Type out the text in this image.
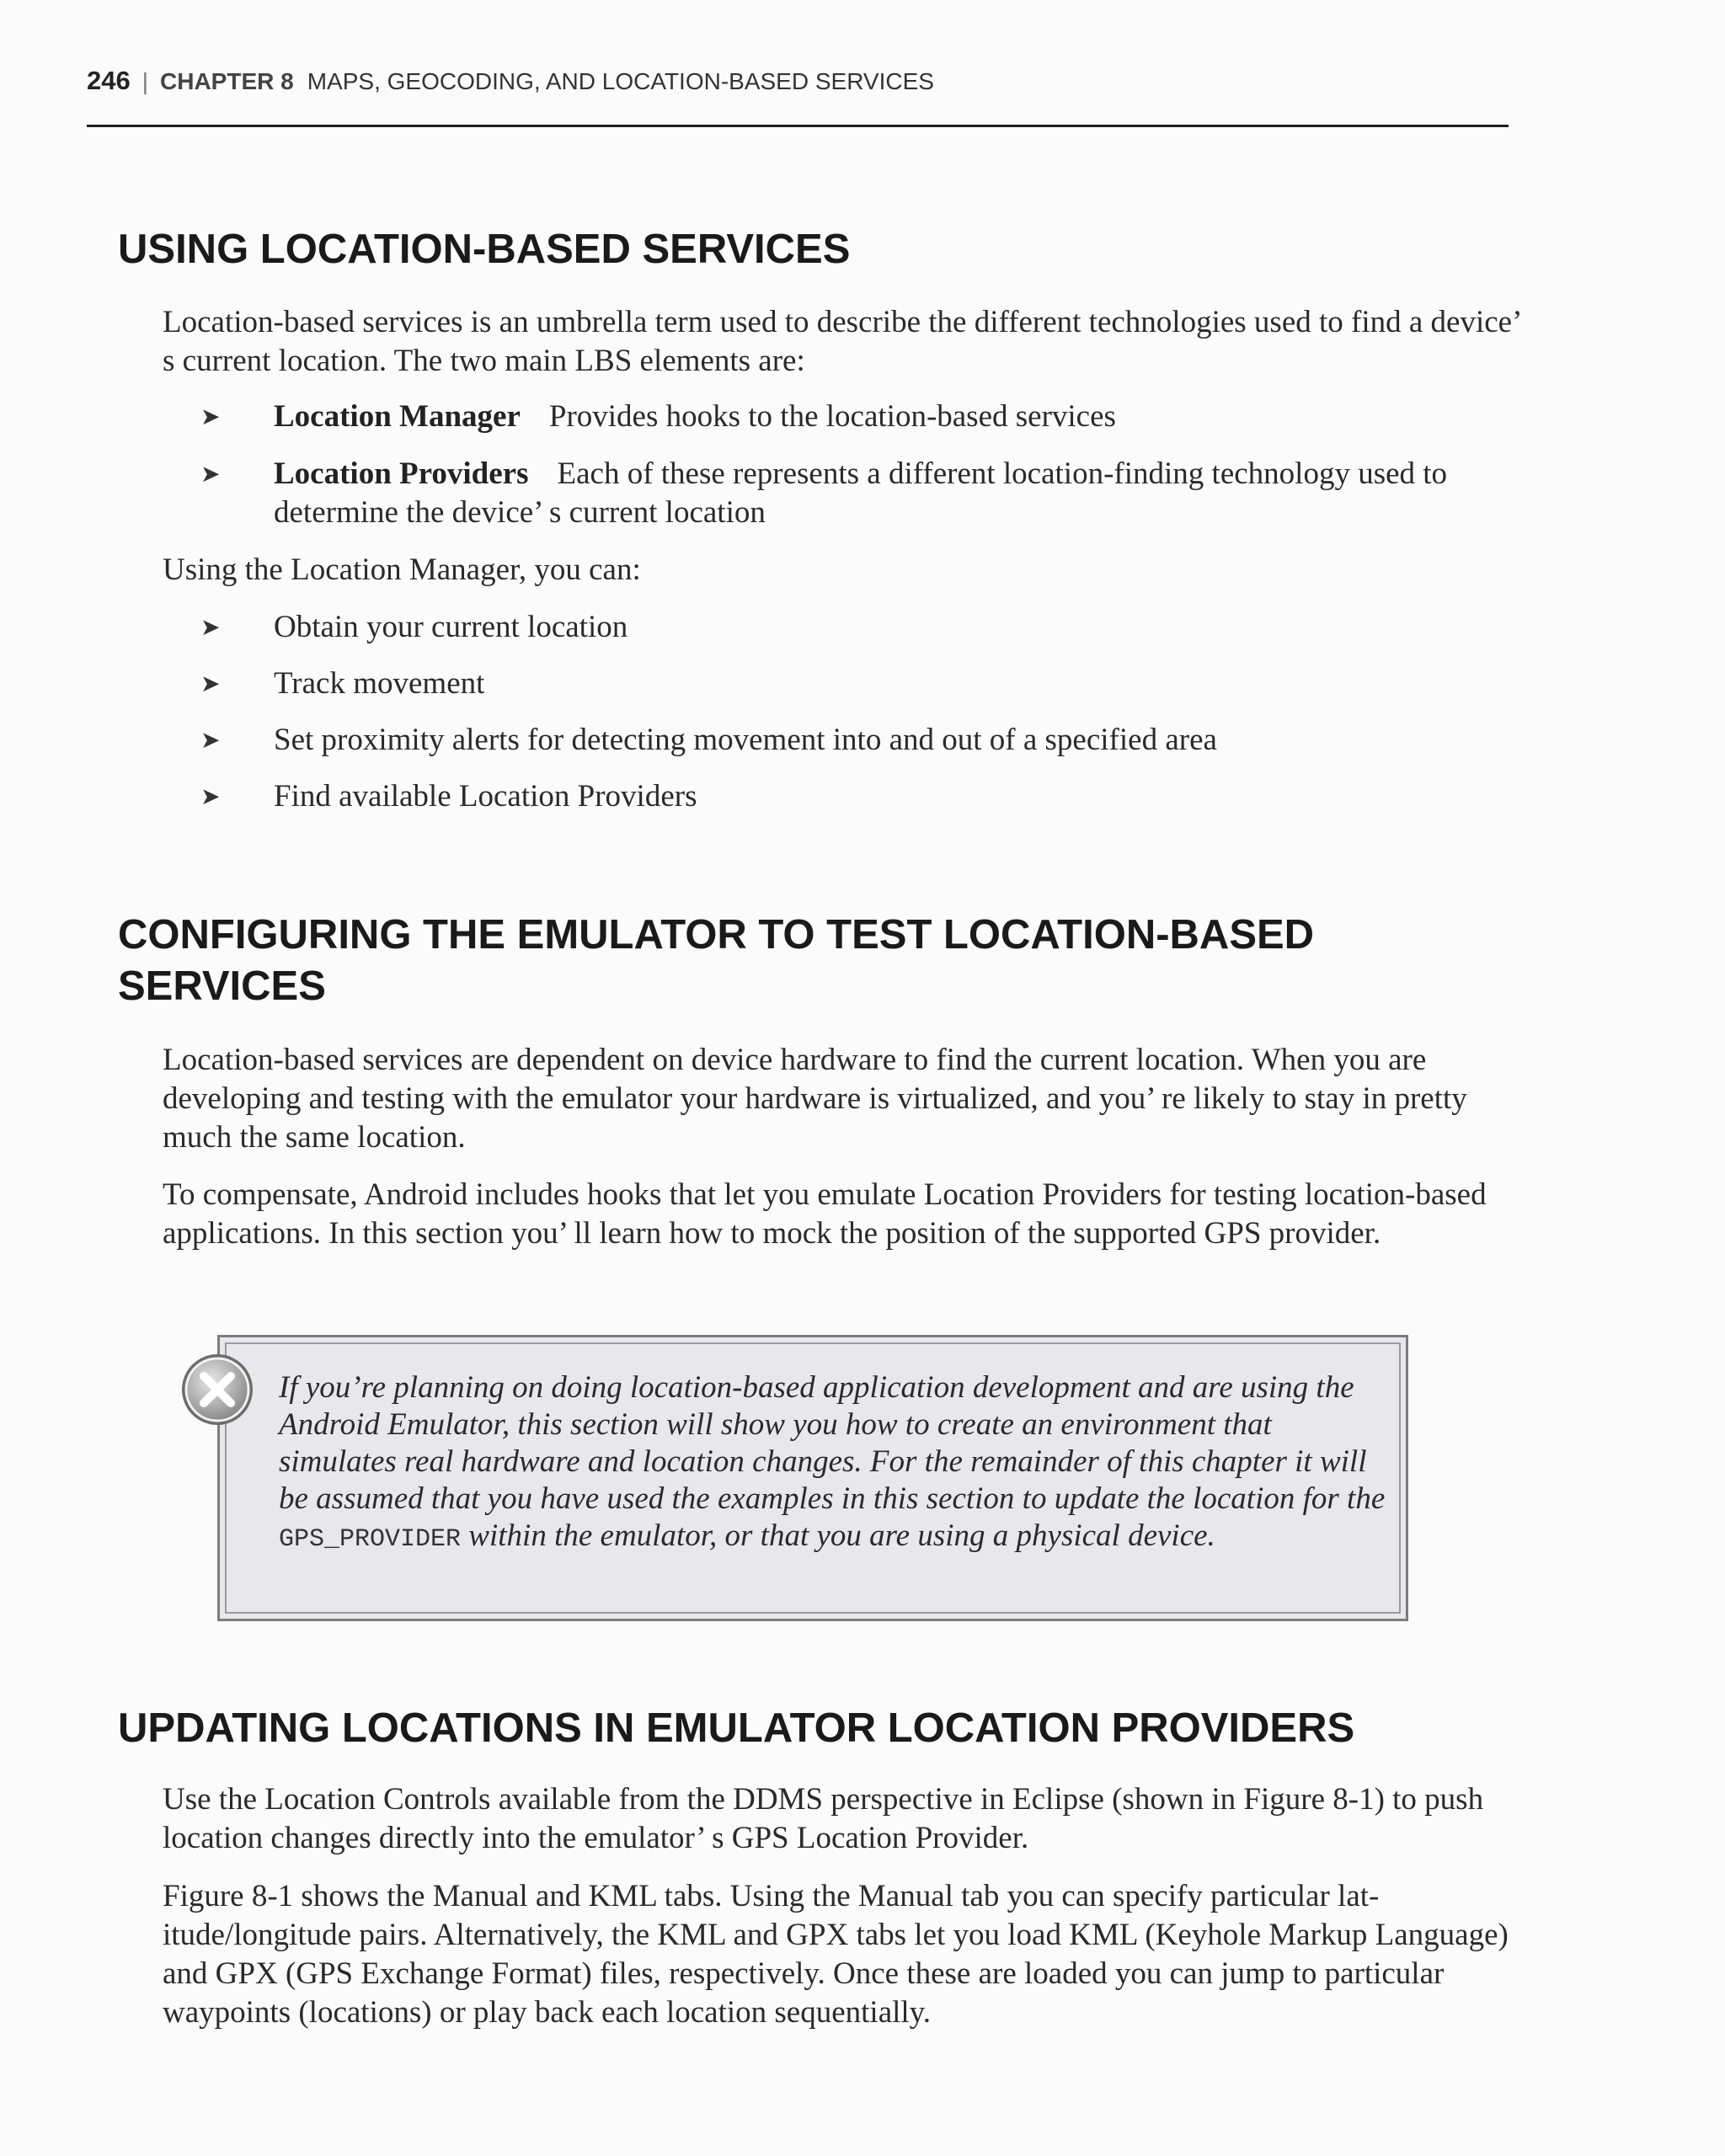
246 | CHAPTER 8 MAPS, GEOCODING, AND LOCATION-BASED SERVICES
USING LOCATION-BASED SERVICES

Location-based services is an umbrella term used to describe the different technologies used to find a device’ s current location. The two main LBS elements are:

➤ Location Manager Provides hooks to the location-based services
➤ Location Providers Each of these represents a different location-finding technology used to determine the device’ s current location

Using the Location Manager, you can:

➤ Obtain your current location
➤ Track movement
➤ Set proximity alerts for detecting movement into and out of a specified area
➤ Find available Location Providers
CONFIGURING THE EMULATOR TO TEST LOCATION-BASED
SERVICES

Location-based services are dependent on device hardware to find the current location. When you are developing and testing with the emulator your hardware is virtualized, and you’ re likely to stay in pretty much the same location.

To compensate, Android includes hooks that let you emulate Location Providers for testing location-based applications. In this section you’ ll learn how to mock the position of the supported GPS provider.

If you’re planning on doing location-based application development and are using the Android Emulator, this section will show you how to create an environment that simulates real hardware and location changes. For the remainder of this chapter it will be assumed that you have used the examples in this section to update the location for the GPS_PROVIDER within the emulator, or that you are using a physical device.
UPDATING LOCATIONS IN EMULATOR LOCATION PROVIDERS

Use the Location Controls available from the DDMS perspective in Eclipse (shown in Figure 8-1) to push location changes directly into the emulator’ s GPS Location Provider.

Figure 8-1 shows the Manual and KML tabs. Using the Manual tab you can specify particular lat-itude/longitude pairs. Alternatively, the KML and GPX tabs let you load KML (Keyhole Markup Language) and GPX (GPS Exchange Format) files, respectively. Once these are loaded you can jump to particular waypoints (locations) or play back each location sequentially.
